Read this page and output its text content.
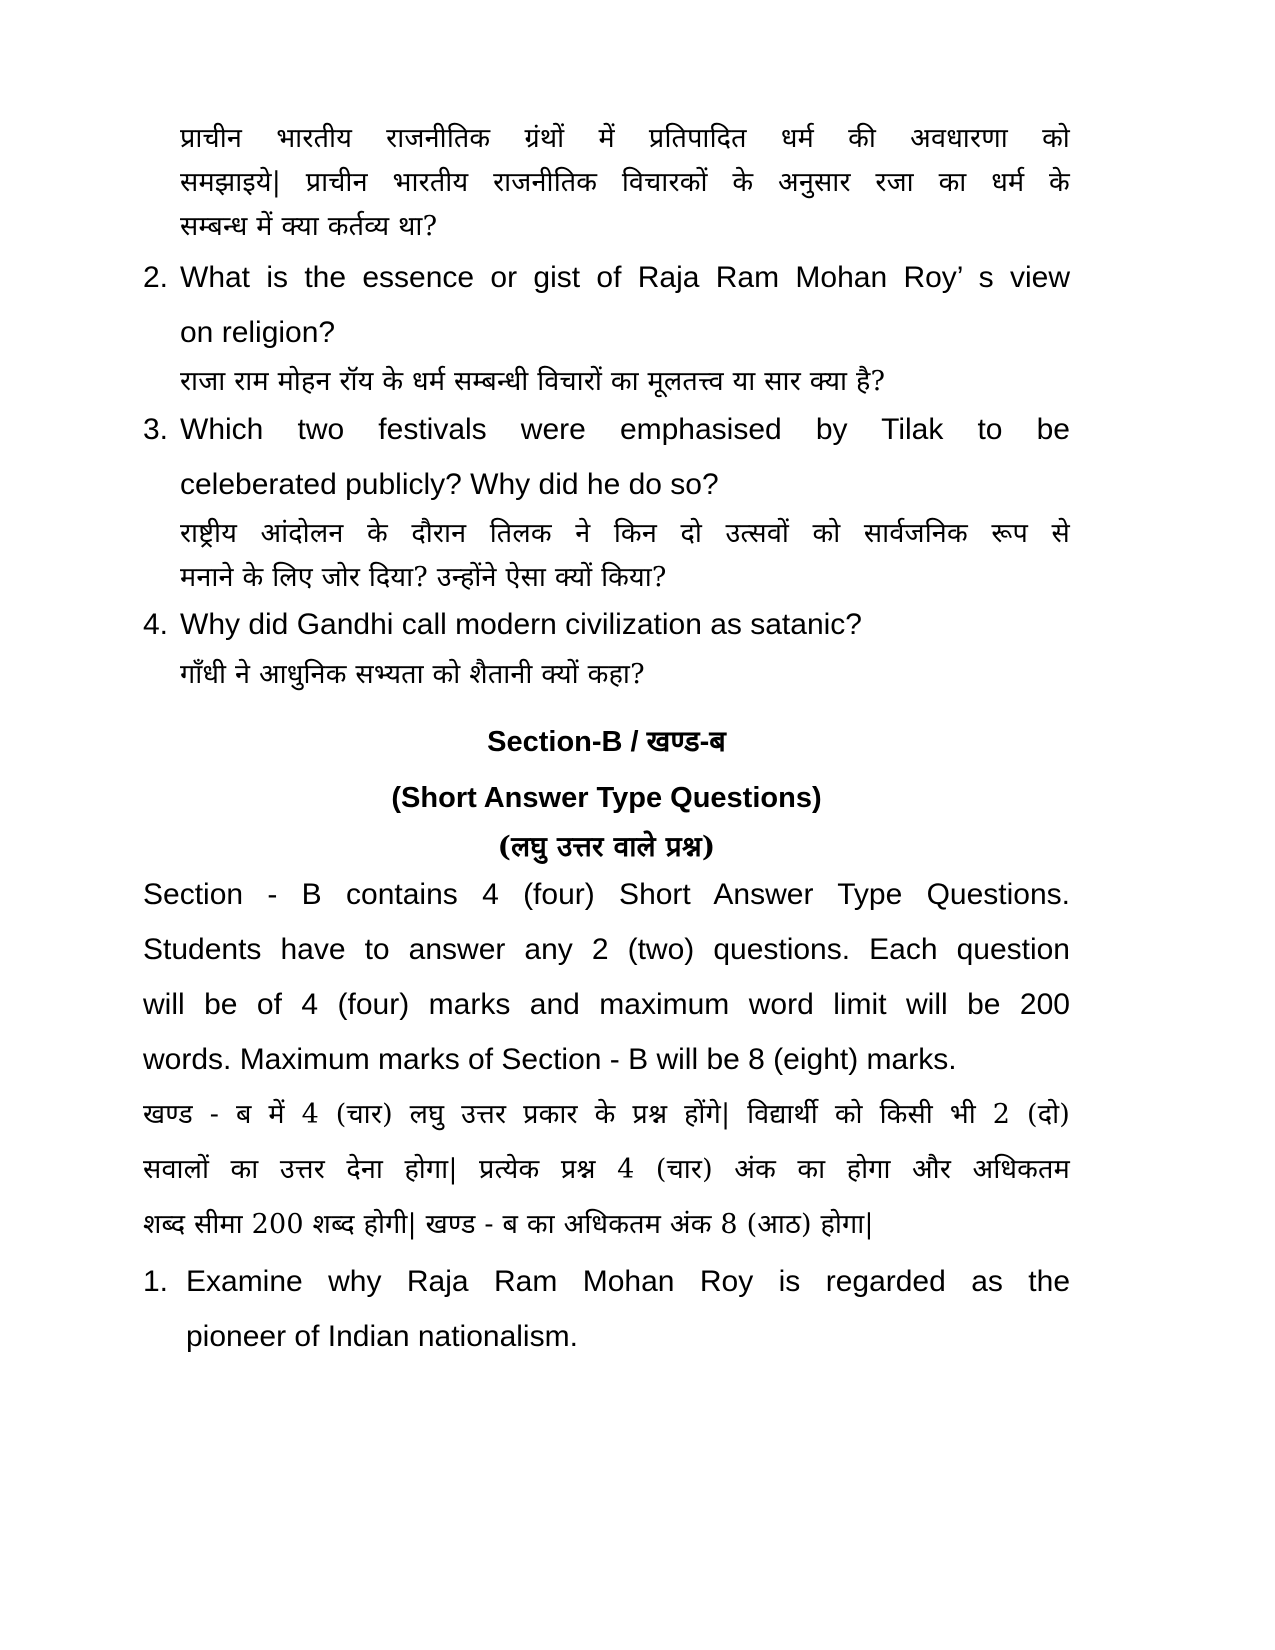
प्राचीन भारतीय राजनीतिक ग्रंथों में प्रतिपादित धर्म की अवधारणा को
समझाइये| प्राचीन भारतीय राजनीतिक विचारकों के अनुसार रजा का धर्म के
सम्बन्ध में क्या कर्तव्य था?
2. What is the essence or gist of Raja Ram Mohan Roy’ s view
on religion?
राजा राम मोहन रॉय के धर्म सम्बन्धी विचारों का मूलतत्त्व या सार क्या है?
3. Which two festivals were emphasised by Tilak to be
celeberated publicly? Why did he do so?
राष्ट्रीय आंदोलन के दौरान तिलक ने किन दो उत्सवों को सार्वजनिक रूप से
मनाने के लिए जोर दिया? उन्होंने ऐसा क्यों किया?
4. Why did Gandhi call modern civilization as satanic?
गाँधी ने आधुनिक सभ्यता को शैतानी क्यों कहा?
Section-B / खण्ड-ब
(Short Answer Type Questions)
(लघु उत्तर वाले प्रश्न)
Section - B contains 4 (four) Short Answer Type Questions.
Students have to answer any 2 (two) questions. Each question
will be of 4 (four) marks and maximum word limit will be 200
words. Maximum marks of Section - B will be 8 (eight) marks.
खण्ड - ब में 4 (चार) लघु उत्तर प्रकार के प्रश्न होंगे| विद्यार्थी को किसी भी 2 (दो)
सवालों का उत्तर देना होगा| प्रत्येक प्रश्न 4 (चार) अंक का होगा और अधिकतम
शब्द सीमा 200 शब्द होगी| खण्ड - ब का अधिकतम अंक 8 (आठ) होगा|
1. Examine why Raja Ram Mohan Roy is regarded as the
pioneer of Indian nationalism.
